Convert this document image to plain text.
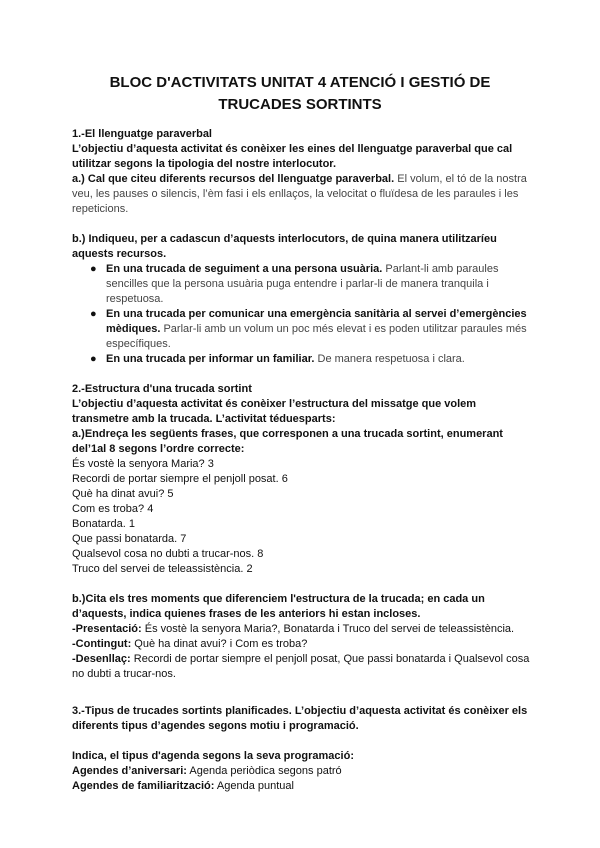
BLOC D'ACTIVITATS UNITAT 4 ATENCIÓ I GESTIÓ DE
TRUCADES SORTINTS

1.-El llenguatge paraverbal

L’objectiu d’aquesta activitat és conèixer les eines del llenguatge paraverbal que cal utilitzar segons la tipologia del nostre interlocutor.

a.) Cal que citeu diferents recursos del llenguatge paraverbal. El volum, el tó de la nostra veu, les pauses o silencis, l’èm fasi i els enllaços, la velocitat o fluïdesa de les paraules i les repeticions.

b.) Indiqueu, per a cadascun d’aquests interlocutors, de quina manera utilitzaríeu aquests recursos.

● En una trucada de seguiment a una persona usuària. Parlant-li amb paraules sencilles que la persona usuària puga entendre i parlar-li de manera tranquila i respetuosa.
● En una trucada per comunicar una emergència sanitària al servei d’emergències mèdiques. Parlar-li amb un volum un poc més elevat i es poden utilitzar paraules més específiques.
● En una trucada per informar un familiar. De manera respetuosa i clara.

2.-Estructura d'una trucada sortint

L’objectiu d’aquesta activitat és conèixer l’estructura del missatge que volem transmetre amb la trucada. L’activitat téduesparts:

a.)Endreça les següents frases, que corresponen a una trucada sortint, enumerant del’1al 8 segons l’ordre correcte:

És vostè la senyora Maria? 3
Recordi de portar siempre el penjoll posat. 6
Què ha dinat avui? 5
Com es troba? 4
Bonatarda. 1
Que passi bonatarda. 7
Qualsevol cosa no dubti a trucar-nos. 8
Truco del servei de teleassistència. 2

b.)Cita els tres moments que diferenciem l'estructura de la trucada; en cada un d’aquests, indica quienes frases de les anteriors hi estan incloses.

-Presentació: És vostè la senyora Maria?, Bonatarda i Truco del servei de teleassistència.

-Contingut: Què ha dinat avui? i Com es troba?

-Desenllaç: Recordi de portar siempre el penjoll posat, Que passi bonatarda i Qualsevol cosa no dubti a trucar-nos.

3.-Tipus de trucades sortints planificades. L’objectiu d’aquesta activitat és conèixer els diferents tipus d’agendes segons motiu i programació.

Indica, el tipus d'agenda segons la seva programació:

Agendes d’aniversari: Agenda periòdica segons patró

Agendes de familiarització: Agenda puntual
